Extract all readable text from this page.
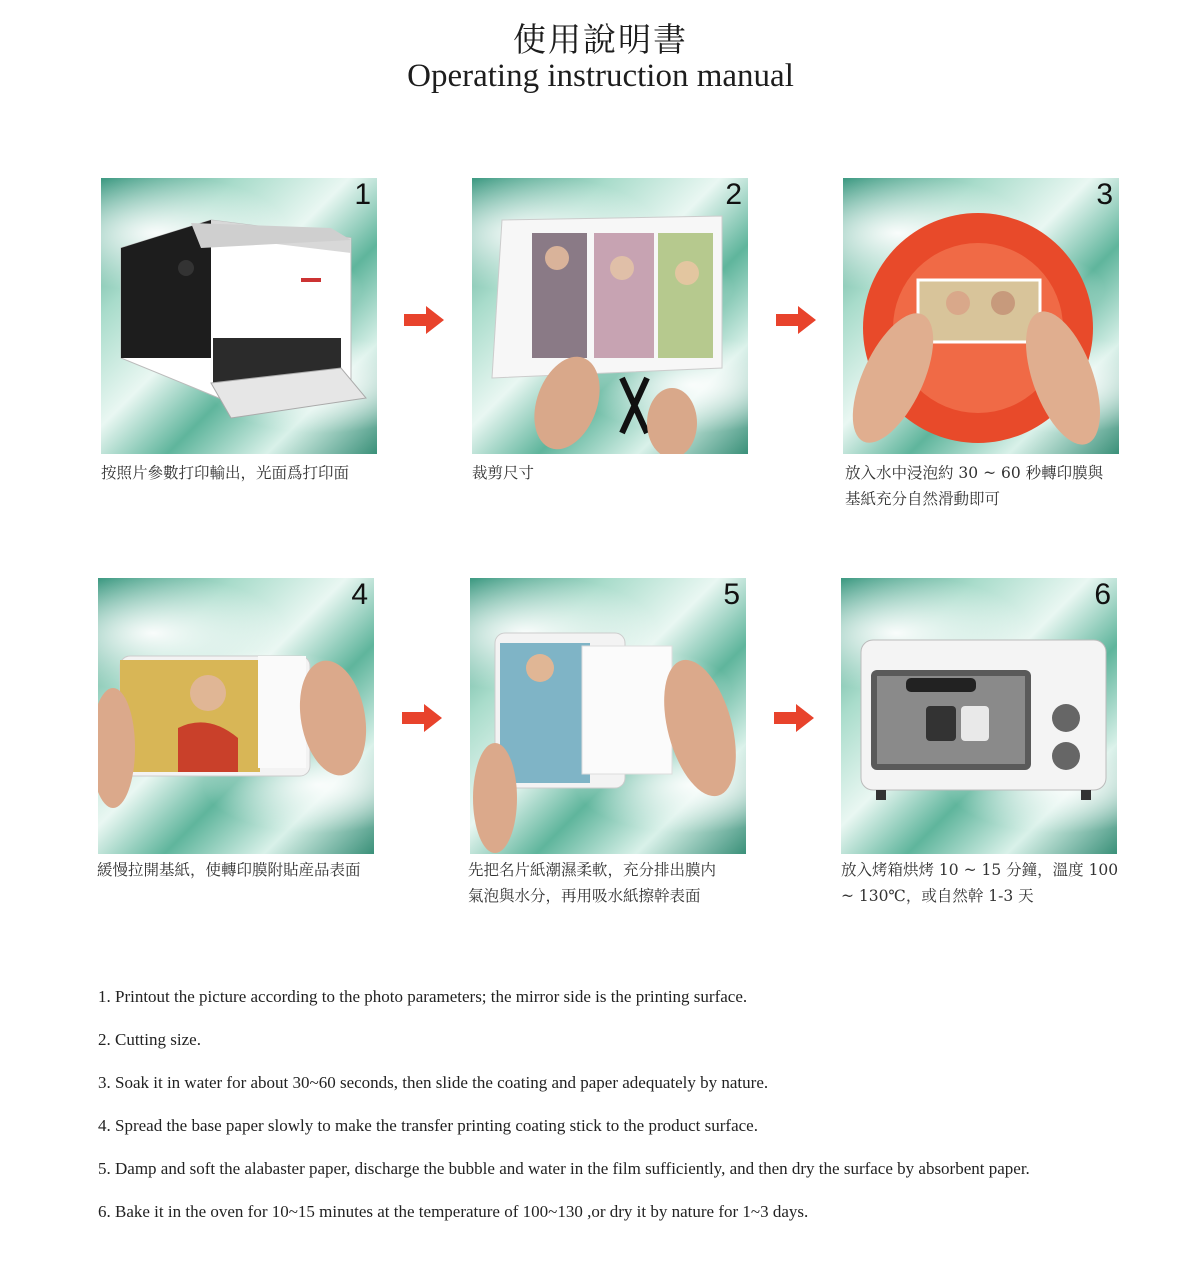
使用說明書
Operating instruction manual
1
按照片參數打印輸出，光面爲打印面
2
裁剪尺寸
3
放入水中浸泡約 30 ~ 60 秒轉印膜與
基紙充分自然滑動即可
4
緩慢拉開基紙，使轉印膜附貼産品表面
5
先把名片紙潮濕柔軟，充分排出膜内
氣泡與水分，再用吸水紙擦幹表面
6
放入烤箱烘烤 10 ~ 15 分鐘，溫度 100
~ 130℃，或自然幹 1-3 天
1. Printout the picture according to the photo parameters; the mirror side is the printing surface.
2. Cutting size.
3. Soak it in water for about 30~60 seconds, then slide the coating and paper adequately by nature.
4. Spread the base paper slowly to make the transfer printing coating stick to the product surface.
5. Damp and soft the alabaster paper, discharge the bubble and water in the film sufficiently, and then dry the surface by absorbent paper.
6. Bake it in the oven for 10~15 minutes at the temperature of 100~130 ,or dry it by nature for 1~3 days.
